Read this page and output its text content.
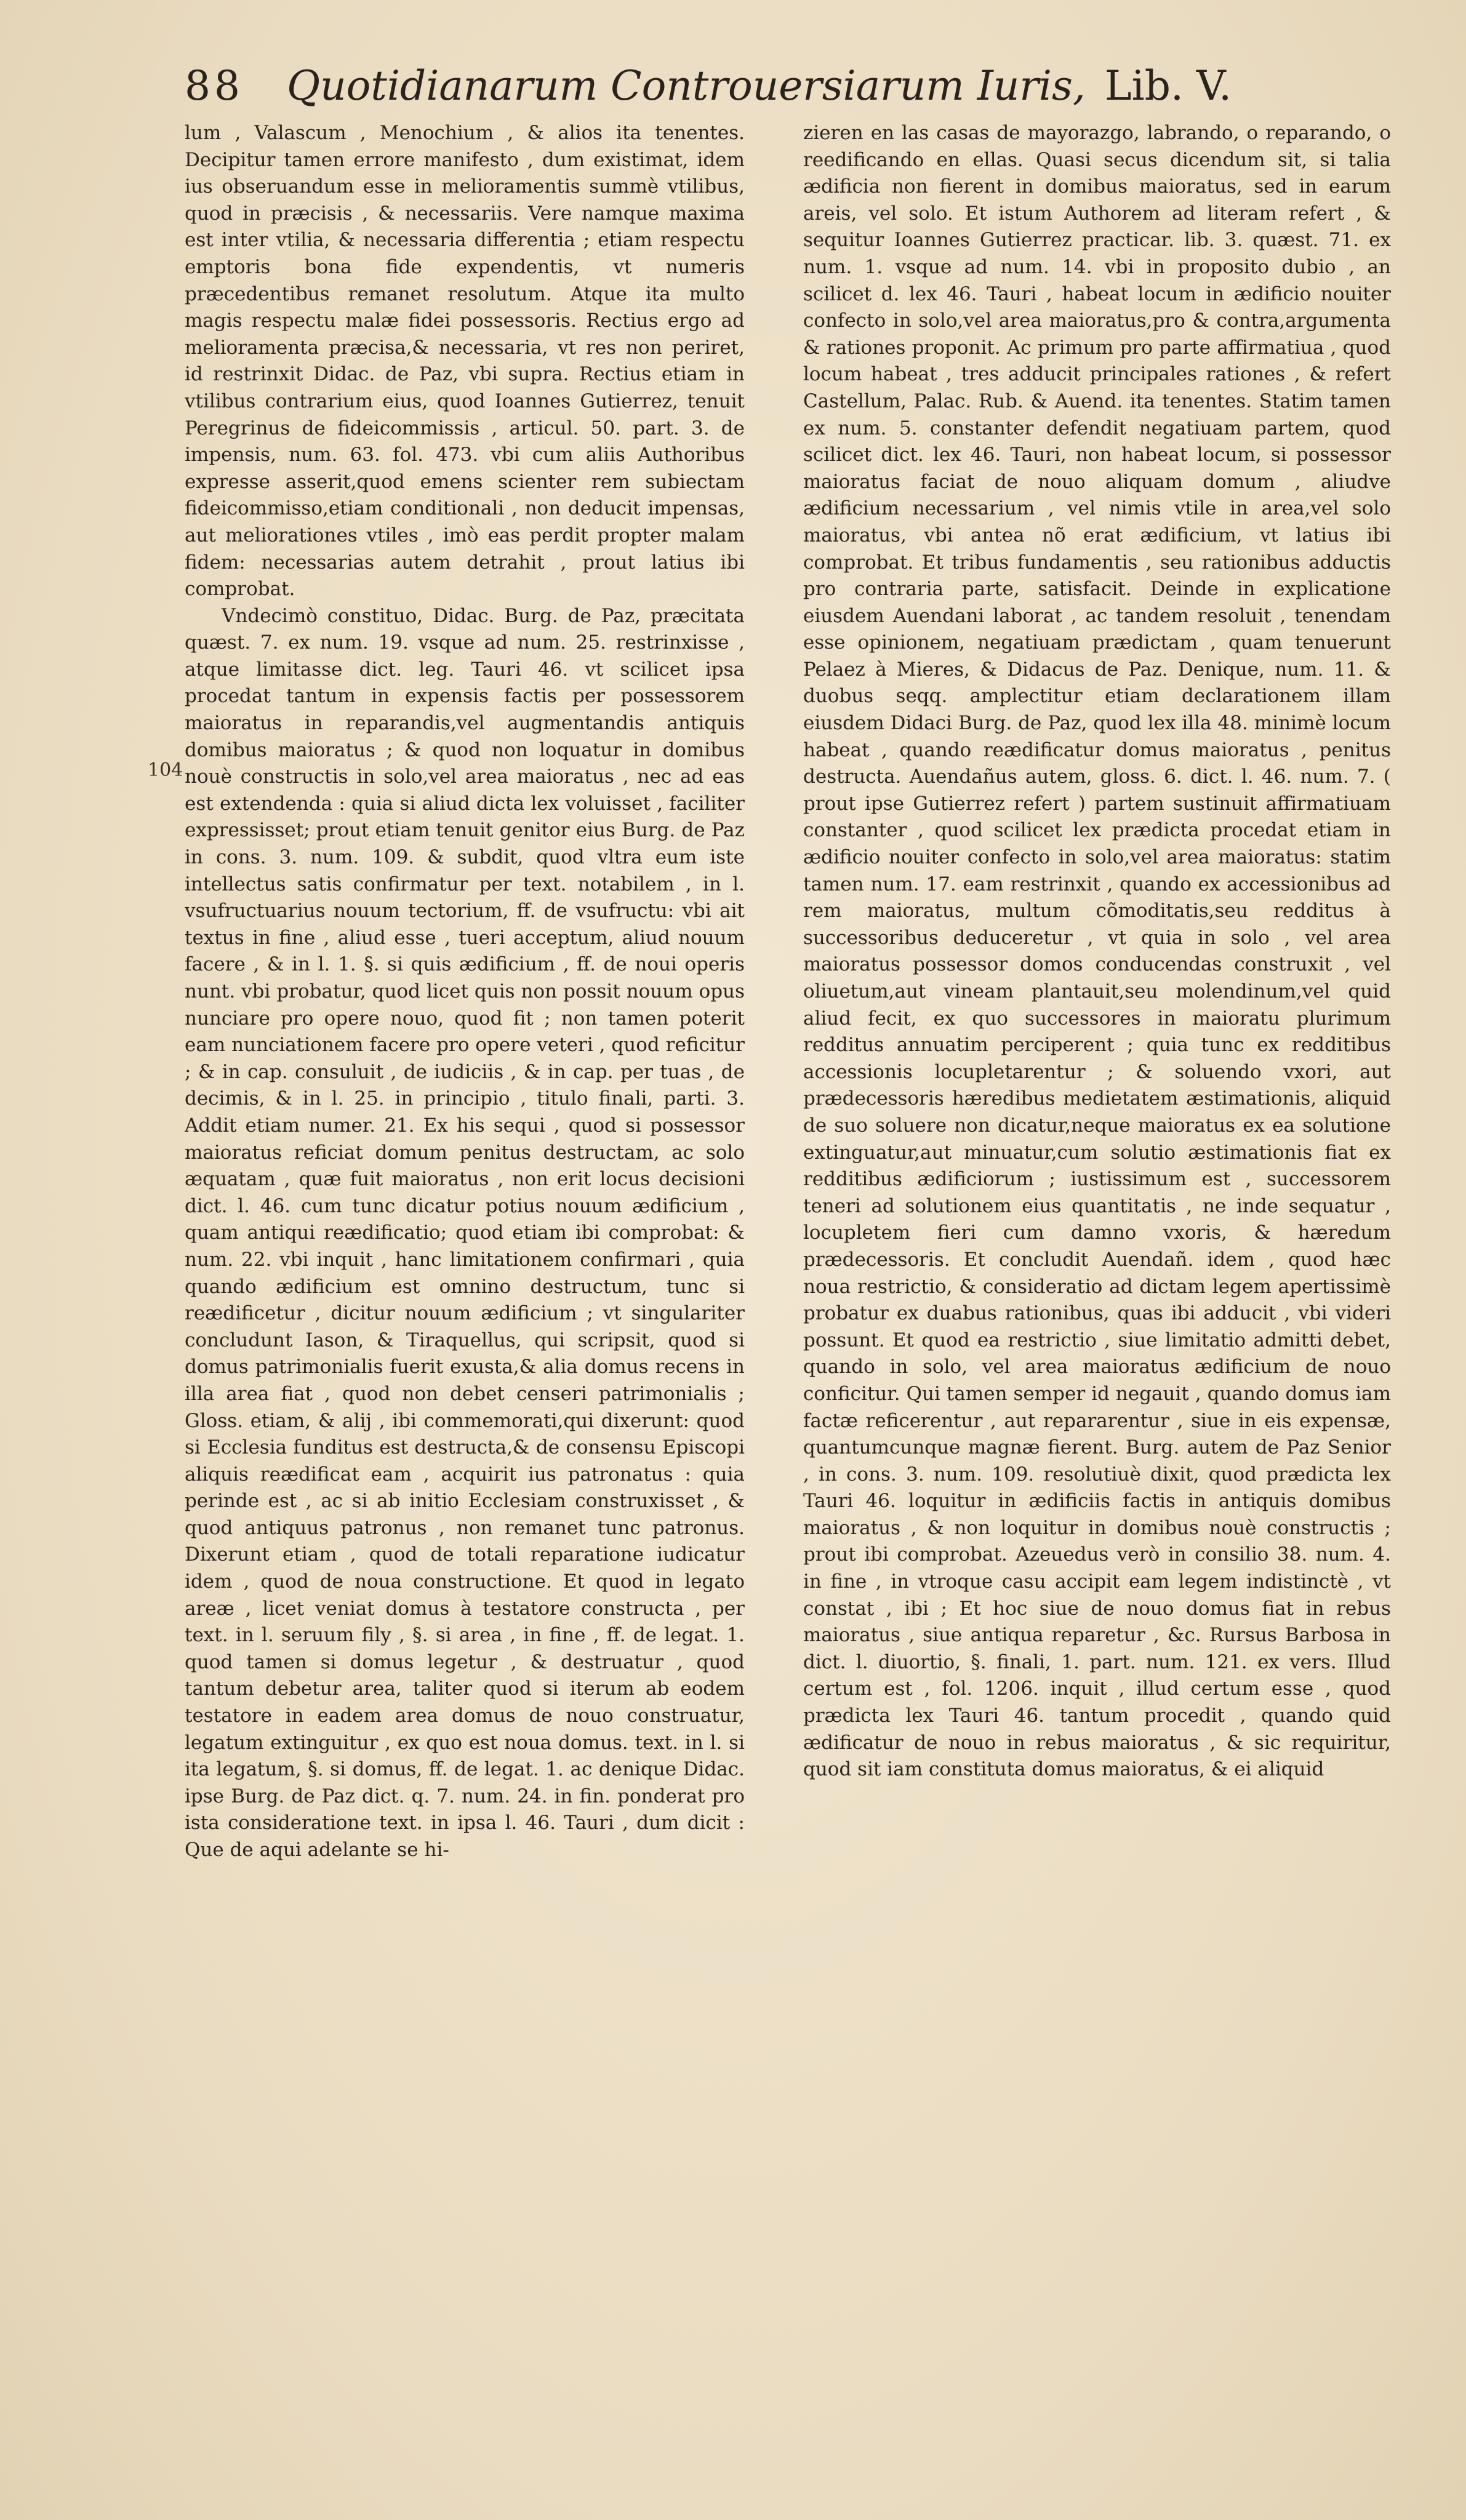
88 Quotidianarum Controuersiarum Iuris, Lib. V.
104

lum , Valascum , Menochium , & alios ita tenentes. Decipitur tamen errore manifesto , dum existimat, idem ius obseruandum esse in melioramentis summè vtilibus, quod in præcisis , & necessariis. Vere namque maxima est inter vtilia, & necessaria differentia ; etiam respectu emptoris bona fide expendentis, vt numeris præcedentibus remanet resolutum. Atque ita multo magis respectu malæ fidei possessoris. Rectius ergo ad melioramenta præcisa,& necessaria, vt res non periret, id restrinxit Didac. de Paz, vbi supra. Rectius etiam in vtilibus contrarium eius, quod Ioannes Gutierrez, tenuit Peregrinus de fideicommissis , articul. 50. part. 3. de impensis, num. 63. fol. 473. vbi cum aliis Authoribus expresse asserit,quod emens scienter rem subiectam fideicommisso,etiam conditionali , non deducit impensas, aut meliorationes vtiles , imò eas perdit propter malam fidem: necessarias autem detrahit , prout latius ibi comprobat.

Vndecimò constituo, Didac. Burg. de Paz, præcitata quæst. 7. ex num. 19. vsque ad num. 25. restrinxisse , atque limitasse dict. leg. Tauri 46. vt scilicet ipsa procedat tantum in expensis factis per possessorem maioratus in reparandis,vel augmentandis antiquis domibus maioratus ; & quod non loquatur in domibus nouè constructis in solo,vel area maioratus , nec ad eas est extendenda : quia si aliud dicta lex voluisset , faciliter expressisset; prout etiam tenuit genitor eius Burg. de Paz in cons. 3. num. 109. & subdit, quod vltra eum iste intellectus satis confirmatur per text. notabilem , in l. vsufructuarius nouum tectorium, ff. de vsufructu: vbi ait textus in fine , aliud esse , tueri acceptum, aliud nouum facere , & in l. 1. §. si quis ædificium , ff. de noui operis nunt. vbi probatur, quod licet quis non possit nouum opus nunciare pro opere nouo, quod fit ; non tamen poterit eam nunciationem facere pro opere veteri , quod reficitur ; & in cap. consuluit , de iudiciis , & in cap. per tuas , de decimis, & in l. 25. in principio , titulo finali, parti. 3. Addit etiam numer. 21. Ex his sequi , quod si possessor maioratus reficiat domum penitus destructam, ac solo æquatam , quæ fuit maioratus , non erit locus decisioni dict. l. 46. cum tunc dicatur potius nouum ædificium , quam antiqui reædificatio; quod etiam ibi comprobat: & num. 22. vbi inquit , hanc limitationem confirmari , quia quando ædificium est omnino destructum, tunc si reædificetur , dicitur nouum ædificium ; vt singulariter concludunt Iason, & Tiraquellus, qui scripsit, quod si domus patrimonialis fuerit exusta,& alia domus recens in illa area fiat , quod non debet censeri patrimonialis ; Gloss. etiam, & alij , ibi commemorati,qui dixerunt: quod si Ecclesia funditus est destructa,& de consensu Episcopi aliquis reædificat eam , acquirit ius patronatus : quia perinde est , ac si ab initio Ecclesiam construxisset , & quod antiquus patronus , non remanet tunc patronus. Dixerunt etiam , quod de totali reparatione iudicatur idem , quod de noua constructione. Et quod in legato areæ , licet veniat domus à testatore constructa , per text. in l. seruum fily , §. si area , in fine , ff. de legat. 1. quod tamen si domus legetur , & destruatur , quod tantum debetur area, taliter quod si iterum ab eodem testatore in eadem area domus de nouo construatur, legatum extinguitur , ex quo est noua domus. text. in l. si ita legatum, §. si domus, ff. de legat. 1. ac denique Didac. ipse Burg. de Paz dict. q. 7. num. 24. in fin. ponderat pro ista consideratione text. in ipsa l. 46. Tauri , dum dicit : Que de aqui adelante se hi-

zieren en las casas de mayorazgo, labrando, o reparando, o reedificando en ellas. Quasi secus dicendum sit, si talia ædificia non fierent in domibus maioratus, sed in earum areis, vel solo. Et istum Authorem ad literam refert , & sequitur Ioannes Gutierrez practicar. lib. 3. quæst. 71. ex num. 1. vsque ad num. 14. vbi in proposito dubio , an scilicet d. lex 46. Tauri , habeat locum in ædificio nouiter confecto in solo,vel area maioratus,pro & contra,argumenta & rationes proponit. Ac primum pro parte affirmatiua , quod locum habeat , tres adducit principales rationes , & refert Castellum, Palac. Rub. & Auend. ita tenentes. Statim tamen ex num. 5. constanter defendit negatiuam partem, quod scilicet dict. lex 46. Tauri, non habeat locum, si possessor maioratus faciat de nouo aliquam domum , aliudve ædificium necessarium , vel nimis vtile in area,vel solo maioratus, vbi antea nõ erat ædificium, vt latius ibi comprobat. Et tribus fundamentis , seu rationibus adductis pro contraria parte, satisfacit. Deinde in explicatione eiusdem Auendani laborat , ac tandem resoluit , tenendam esse opinionem, negatiuam prædictam , quam tenuerunt Pelaez à Mieres, & Didacus de Paz. Denique, num. 11. & duobus seqq. amplectitur etiam declarationem illam eiusdem Didaci Burg. de Paz, quod lex illa 48. minimè locum habeat , quando reædificatur domus maioratus , penitus destructa. Auendañus autem, gloss. 6. dict. l. 46. num. 7. ( prout ipse Gutierrez refert ) partem sustinuit affirmatiuam constanter , quod scilicet lex prædicta procedat etiam in ædificio nouiter confecto in solo,vel area maioratus: statim tamen num. 17. eam restrinxit , quando ex accessionibus ad rem maioratus, multum cõmoditatis,seu redditus à successoribus deduceretur , vt quia in solo , vel area maioratus possessor domos conducendas construxit , vel oliuetum,aut vineam plantauit,seu molendinum,vel quid aliud fecit, ex quo successores in maioratu plurimum redditus annuatim perciperent ; quia tunc ex redditibus accessionis locupletarentur ; & soluendo vxori, aut prædecessoris hæredibus medietatem æstimationis, aliquid de suo soluere non dicatur,neque maioratus ex ea solutione extinguatur,aut minuatur,cum solutio æstimationis fiat ex redditibus ædificiorum ; iustissimum est , successorem teneri ad solutionem eius quantitatis , ne inde sequatur , locupletem fieri cum damno vxoris, & hæredum prædecessoris. Et concludit Auendañ. idem , quod hæc noua restrictio, & consideratio ad dictam legem apertissimè probatur ex duabus rationibus, quas ibi adducit , vbi videri possunt. Et quod ea restrictio , siue limitatio admitti debet, quando in solo, vel area maioratus ædificium de nouo conficitur. Qui tamen semper id negauit , quando domus iam factæ reficerentur , aut repararentur , siue in eis expensæ, quantumcunque magnæ fierent. Burg. autem de Paz Senior , in cons. 3. num. 109. resolutiuè dixit, quod prædicta lex Tauri 46. loquitur in ædificiis factis in antiquis domibus maioratus , & non loquitur in domibus nouè constructis ; prout ibi comprobat. Azeuedus verò in consilio 38. num. 4. in fine , in vtroque casu accipit eam legem indistinctè , vt constat , ibi ; Et hoc siue de nouo domus fiat in rebus maioratus , siue antiqua reparetur , &c. Rursus Barbosa in dict. l. diuortio, §. finali, 1. part. num. 121. ex vers. Illud certum est , fol. 1206. inquit , illud certum esse , quod prædicta lex Tauri 46. tantum procedit , quando quid ædificatur de nouo in rebus maioratus , & sic requiritur, quod sit iam constituta domus maioratus, & ei aliquid
